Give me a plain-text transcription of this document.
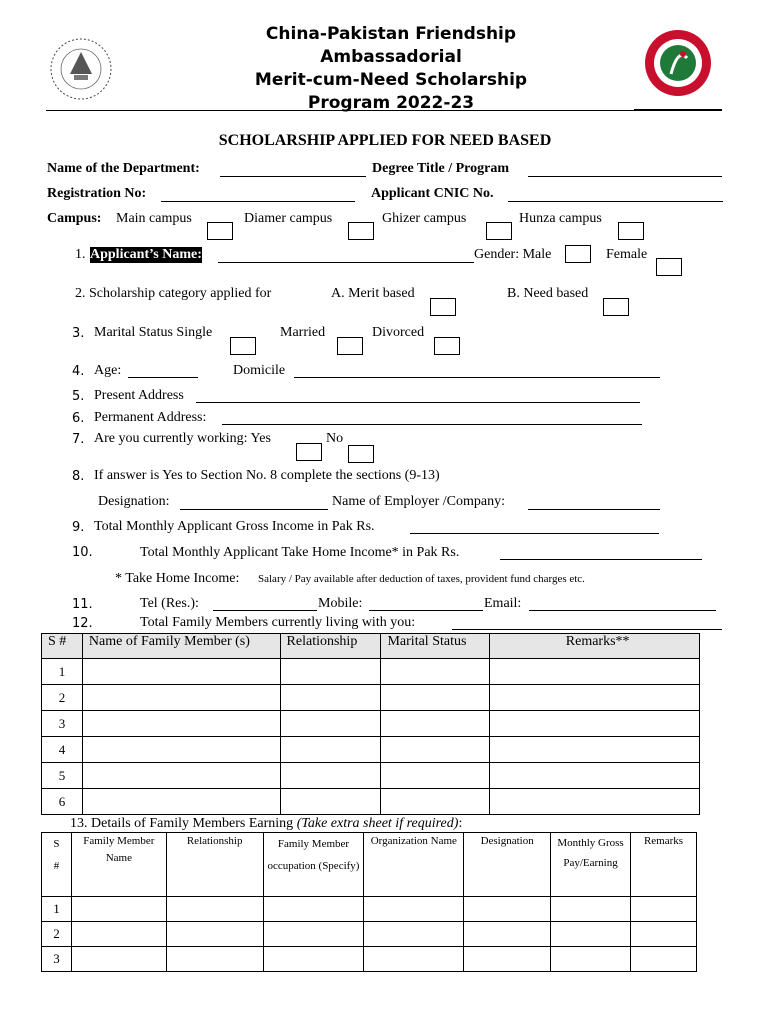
China-Pakistan Friendship
Ambassadorial
Merit-cum-Need Scholarship
Program 2022-23
SCHOLARSHIP APPLIED FOR NEED BASED
Name of the Department:	Degree Title / Program
Registration No:	Applicant CNIC No.
Campus: Main campus	Diamer campus	Ghizer campus	Hunza campus
1. Applicant’s Name:	Gender: Male	Female
2. Scholarship category applied for	A. Merit based	B. Need based
3. Marital Status Single	Married	Divorced
4. Age:	Domicile
5. Present Address
6. Permanent Address:
7. Are you currently working: Yes	No
8. If answer is Yes to Section No. 8 complete the sections (9-13)
Designation:	Name of Employer /Company:
9. Total Monthly Applicant Gross Income in Pak Rs.
10.	Total Monthly Applicant Take Home Income* in Pak Rs.
* Take Home Income: Salary / Pay available after deduction of taxes, provident fund charges etc.
11.	Tel (Res.):	Mobile:	Email:
12.	Total Family Members currently living with you:
S #	Name of Family Member (s)	Relationship	Marital Status	Remarks**
1				
2				
3				
4				
5				
6				
13. Details of Family Members Earning (Take extra sheet if required):
S #	Family Member Name	Relationship	Family Member occupation (Specify)	Organization Name	Designation	Monthly Gross Pay/Earning	Remarks
1							
2							
3							
